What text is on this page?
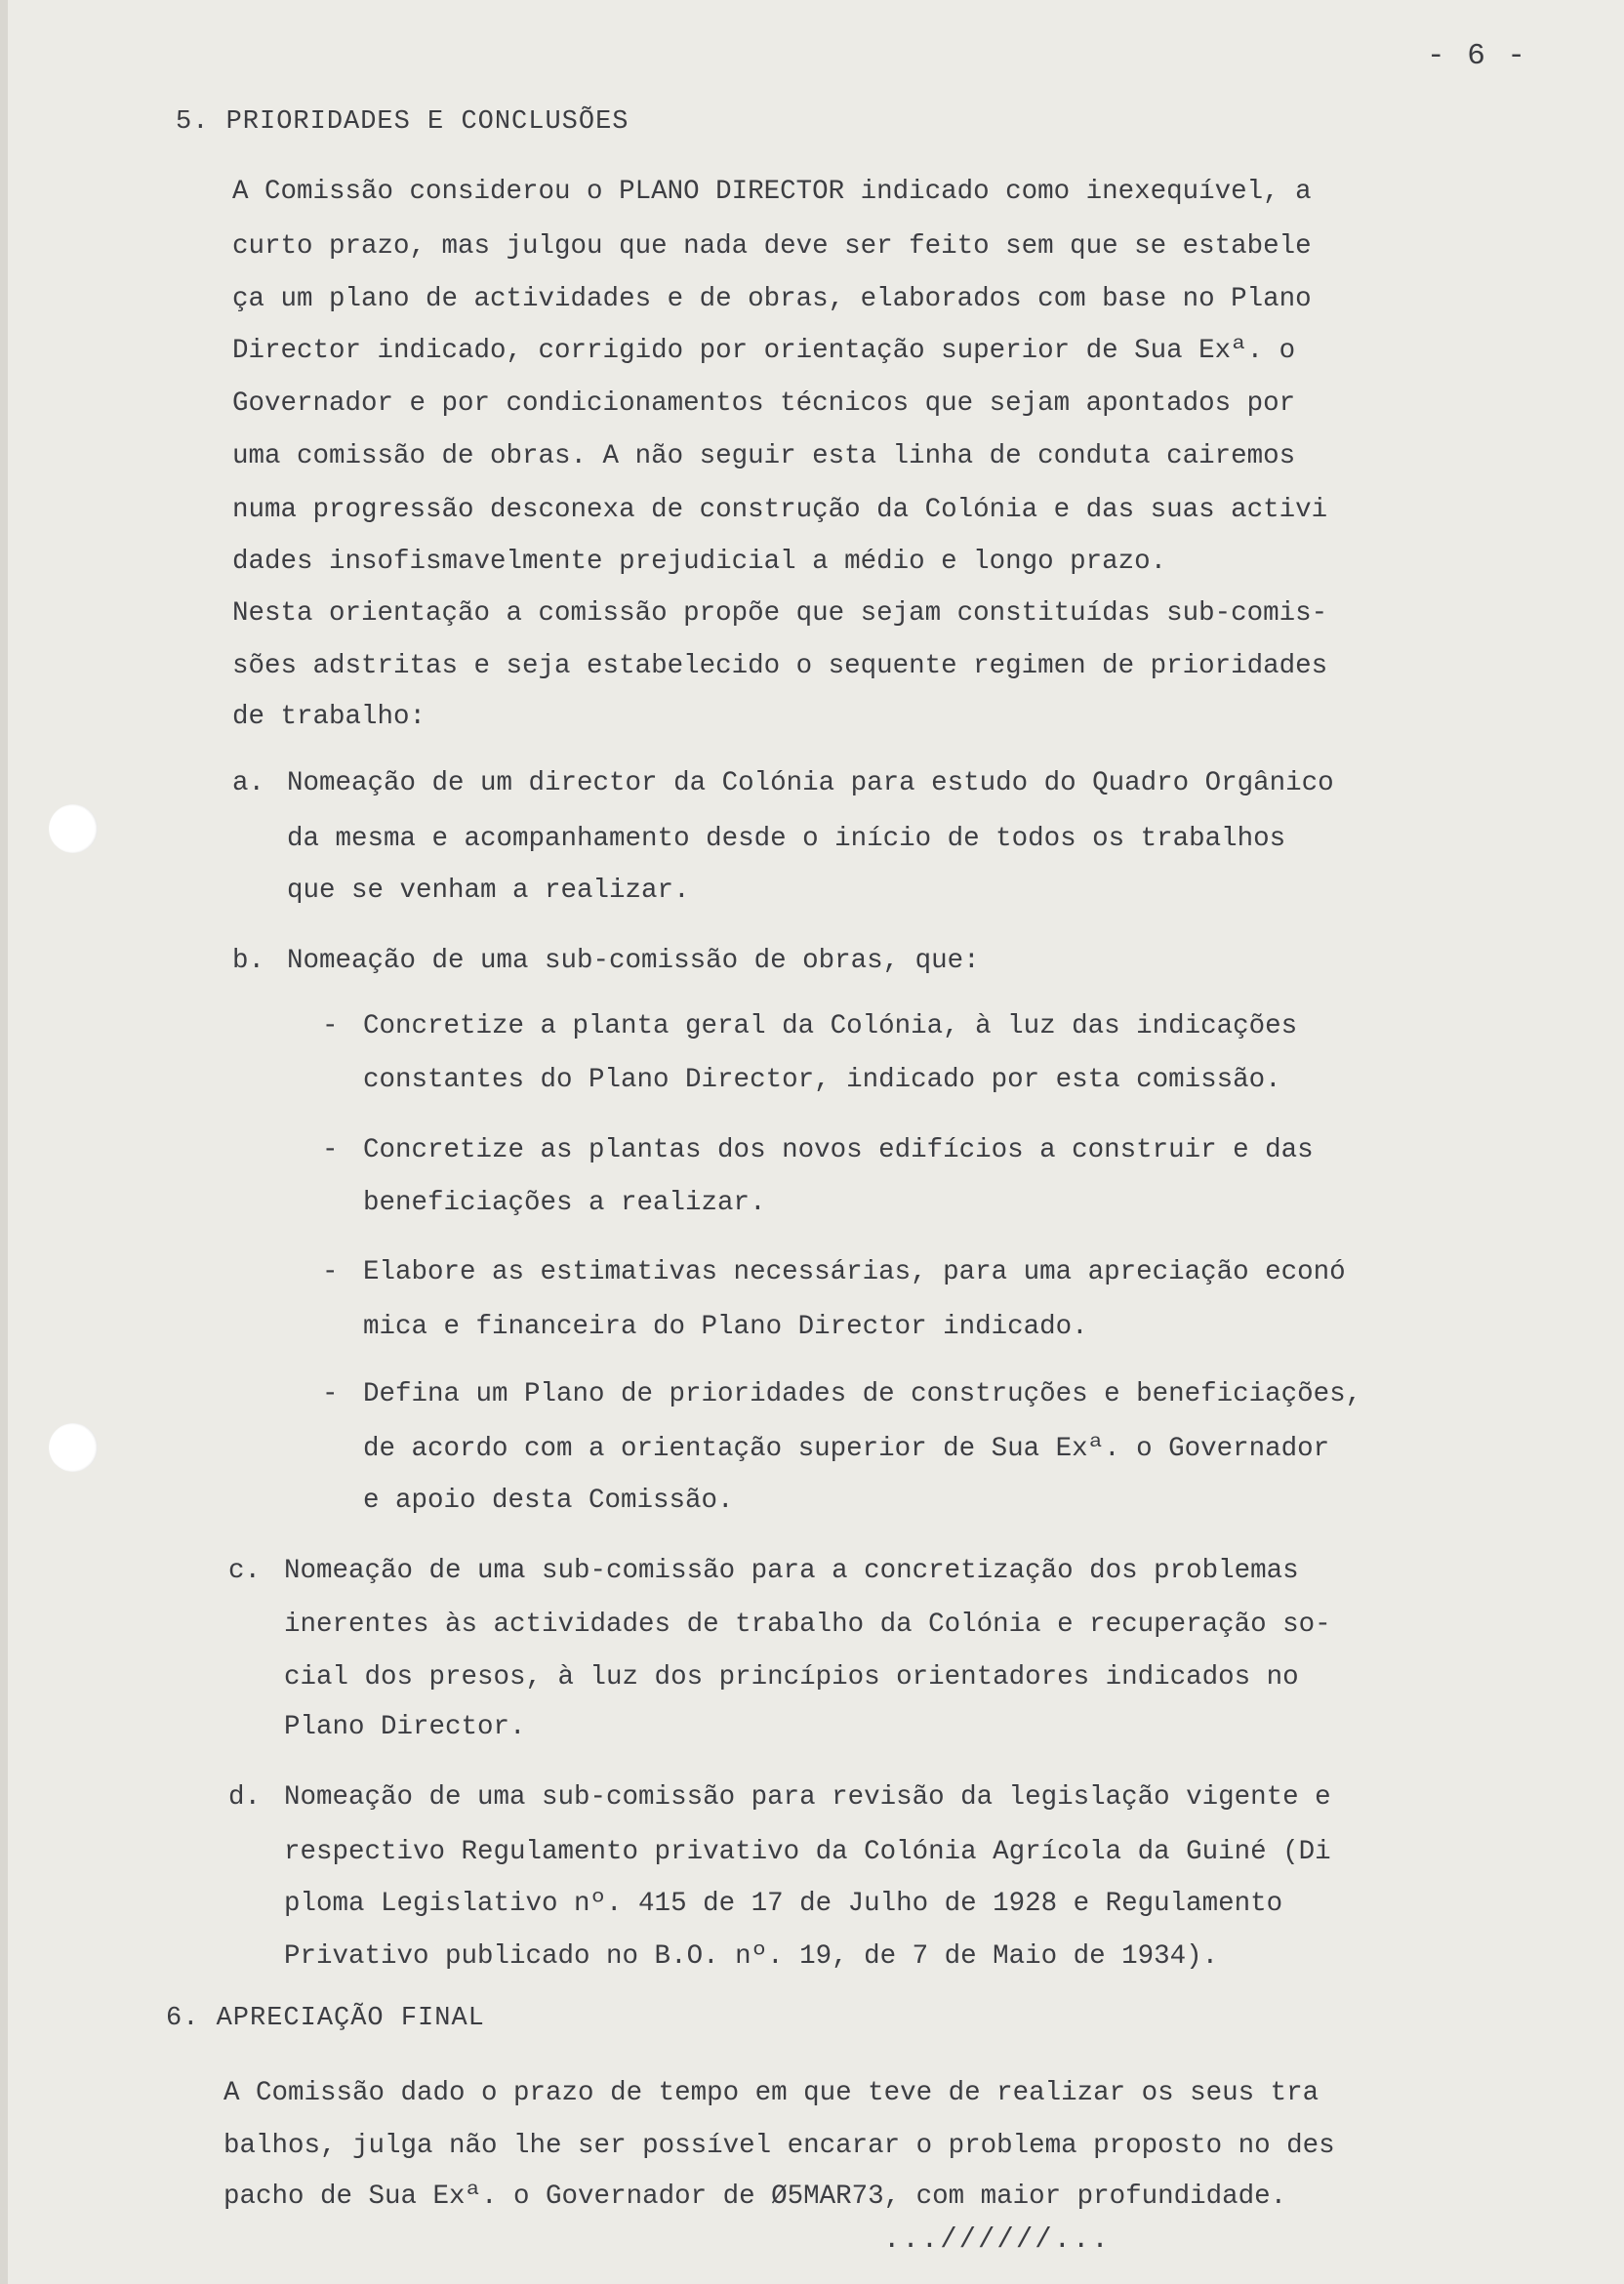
- 6 -
5. PRIORIDADES E CONCLUSÕES
A Comissão considerou o PLANO DIRECTOR indicado como inexequível, a
curto prazo, mas julgou que nada deve ser feito sem que se estabele
ça um plano de actividades e de obras, elaborados com base no Plano
Director indicado, corrigido por orientação superior de Sua Exª. o
Governador e por condicionamentos técnicos que sejam apontados por
uma comissão de obras. A não seguir esta linha de conduta cairemos
numa progressão desconexa de construção da Colónia e das suas activi
dades insofismavelmente prejudicial a médio e longo prazo.
Nesta orientação a comissão propõe que sejam constituídas sub-comis-
sões adstritas e seja estabelecido o sequente regimen de prioridades
de trabalho:
a. Nomeação de um director da Colónia para estudo do Quadro Orgânico
da mesma e acompanhamento desde o início de todos os trabalhos
que se venham a realizar.
b. Nomeação de uma sub-comissão de obras, que:
- Concretize a planta geral da Colónia, à luz das indicações
constantes do Plano Director, indicado por esta comissão.
- Concretize as plantas dos novos edifícios a construir e das
beneficiações a realizar.
- Elabore as estimativas necessárias, para uma apreciação econó
mica e financeira do Plano Director indicado.
- Defina um Plano de prioridades de construções e beneficiações,
de acordo com a orientação superior de Sua Exª. o Governador
e apoio desta Comissão.
c. Nomeação de uma sub-comissão para a concretização dos problemas
inerentes às actividades de trabalho da Colónia e recuperação so-
cial dos presos, à luz dos princípios orientadores indicados no
Plano Director.
d. Nomeação de uma sub-comissão para revisão da legislação vigente e
respectivo Regulamento privativo da Colónia Agrícola da Guiné (Di
ploma Legislativo nº. 415 de 17 de Julho de 1928 e Regulamento
Privativo publicado no B.O. nº. 19, de 7 de Maio de 1934).
6. APRECIAÇÃO FINAL
A Comissão dado o prazo de tempo em que teve de realizar os seus tra
balhos, julga não lhe ser possível encarar o problema proposto no des
pacho de Sua Exª. o Governador de Ø5MAR73, com maior profundidade.
...//////...
